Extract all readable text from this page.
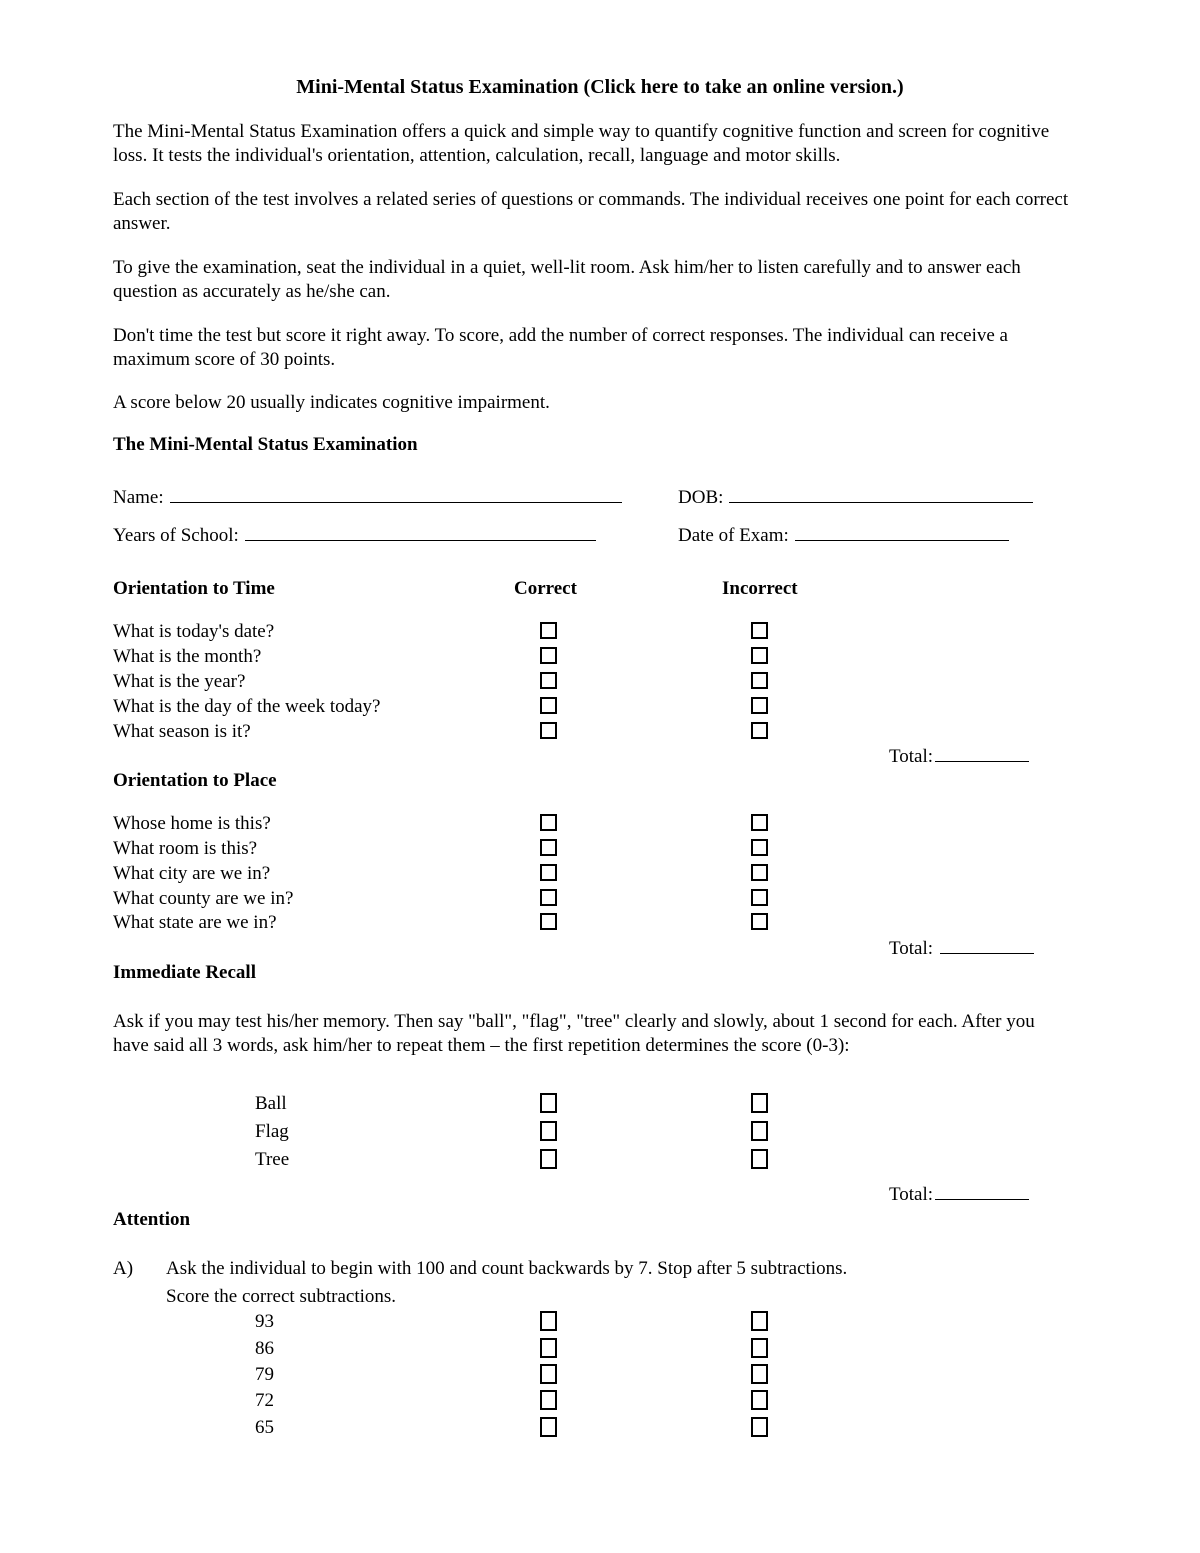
Mini-Mental Status Examination (Click here to take an online version.)
The Mini-Mental Status Examination offers a quick and simple way to quantify cognitive function and screen for cognitive loss. It tests the individual's orientation, attention, calculation, recall, language and motor skills.
Each section of the test involves a related series of questions or commands. The individual receives one point for each correct answer.
To give the examination, seat the individual in a quiet, well-lit room. Ask him/her to listen carefully and to answer each question as accurately as he/she can.
Don't time the test but score it right away. To score, add the number of correct responses. The individual can receive a maximum score of 30 points.
A score below 20 usually indicates cognitive impairment.
The Mini-Mental Status Examination
Name:	DOB:
Years of School:	Date of Exam:
Orientation to Time	Correct	Incorrect
What is today's date?
What is the month?
What is the year?
What is the day of the week today?
What season is it?
Total:
Orientation to Place
Whose home is this?
What room is this?
What city are we in?
What county are we in?
What state are we in?
Total:
Immediate Recall
Ask if you may test his/her memory. Then say "ball", "flag", "tree" clearly and slowly, about 1 second for each. After you have said all 3 words, ask him/her to repeat them – the first repetition determines the score (0-3):
Ball
Flag
Tree
Total:
Attention
A) Ask the individual to begin with 100 and count backwards by 7. Stop after 5 subtractions.
Score the correct subtractions.
93
86
79
72
65
